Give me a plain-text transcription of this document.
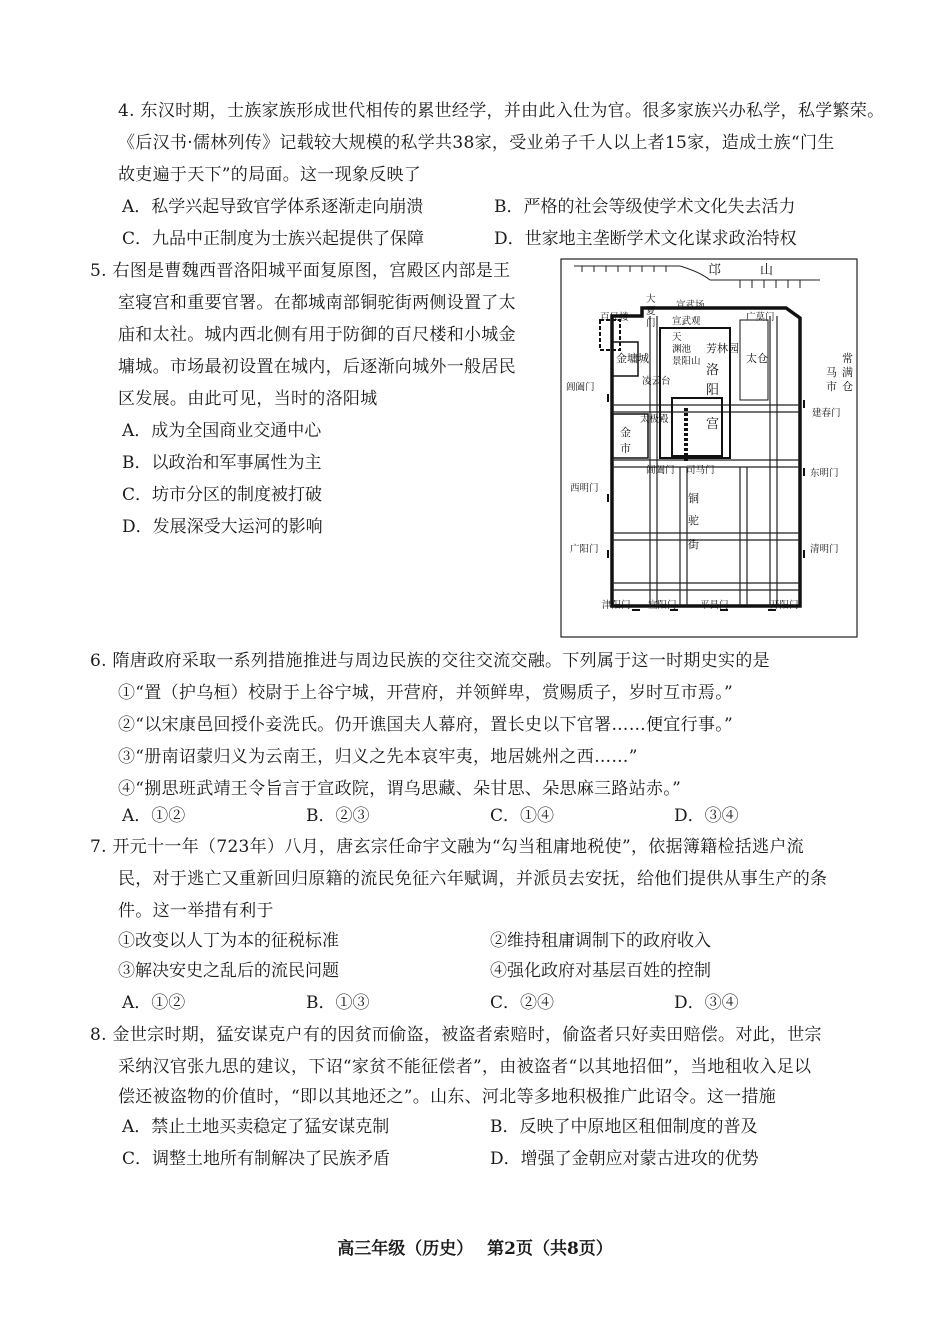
4. 东汉时期，士族家族形成世代相传的累世经学，并由此入仕为官。很多家族兴办私学，私学繁荣。
《后汉书·儒林列传》记载较大规模的私学共38家，受业弟子千人以上者15家，造成士族“门生
故吏遍于天下”的局面。这一现象反映了
A．私学兴起导致官学体系逐渐走向崩溃	B．严格的社会等级使学术文化失去活力
C．九品中正制度为士族兴起提供了保障	D．世家地主垄断学术文化谋求政治特权
5. 右图是曹魏西晋洛阳城平面复原图，宫殿区内部是王
室寝宫和重要官署。在都城南部铜驼街两侧设置了太
庙和太社。城内西北侧有用于防御的百尺楼和小城金
墉城。市场最初设置在城内，后逐渐向城外一般居民
区发展。由此可见，当时的洛阳城
A．成为全国商业交通中心
B．以政治和军事属性为主
C．坊市分区的制度被打破
D．发展深受大运河的影响
邙	山
百尺楼
大
夏
门
宣武场
宣武观
天
渊池
景阳山
芳林园
广莫门
金墉城	太仓	常
满
仓
马
市
阊阖门
凌云台
洛
阳
宫
建春门
金
市
太极殿
阊阖门 司马门	东明门
西明门
铜
驼
街
广阳门	清明门
津阳门 宣阳门 平昌门	开阳门
6. 隋唐政府采取一系列措施推进与周边民族的交往交流交融。下列属于这一时期史实的是
①“置（护乌桓）校尉于上谷宁城，开营府，并领鲜卑，赏赐质子，岁时互市焉。”
②“以宋康邑回授仆妾洗氏。仍开谯国夫人幕府，置长史以下官署……便宜行事。”
③“册南诏蒙归义为云南王，归义之先本哀牢夷，地居姚州之西……”
④“捌思班武靖王令旨言于宣政院，谓乌思藏、朵甘思、朵思麻三路站赤。”
A．①②	B．②③	C．①④	D．③④
7. 开元十一年（723年）八月，唐玄宗任命宇文融为“勾当租庸地税使”，依据簿籍检括逃户流
民，对于逃亡又重新回归原籍的流民免征六年赋调，并派员去安抚，给他们提供从事生产的条
件。这一举措有利于
①改变以人丁为本的征税标准	②维持租庸调制下的政府收入
③解决安史之乱后的流民问题	④强化政府对基层百姓的控制
A．①②	B．①③	C．②④	D．③④
8. 金世宗时期，猛安谋克户有的因贫而偷盗，被盗者索赔时，偷盗者只好卖田赔偿。对此，世宗
采纳汉官张九思的建议，下诏“家贫不能征偿者”，由被盗者“以其地招佃”，当地租收入足以
偿还被盗物的价值时，“即以其地还之”。山东、河北等多地积极推广此诏令。这一措施
A．禁止土地买卖稳定了猛安谋克制	B．反映了中原地区租佃制度的普及
C．调整土地所有制解决了民族矛盾	D．增强了金朝应对蒙古进攻的优势
高三年级（历史） 第2页（共8页）
